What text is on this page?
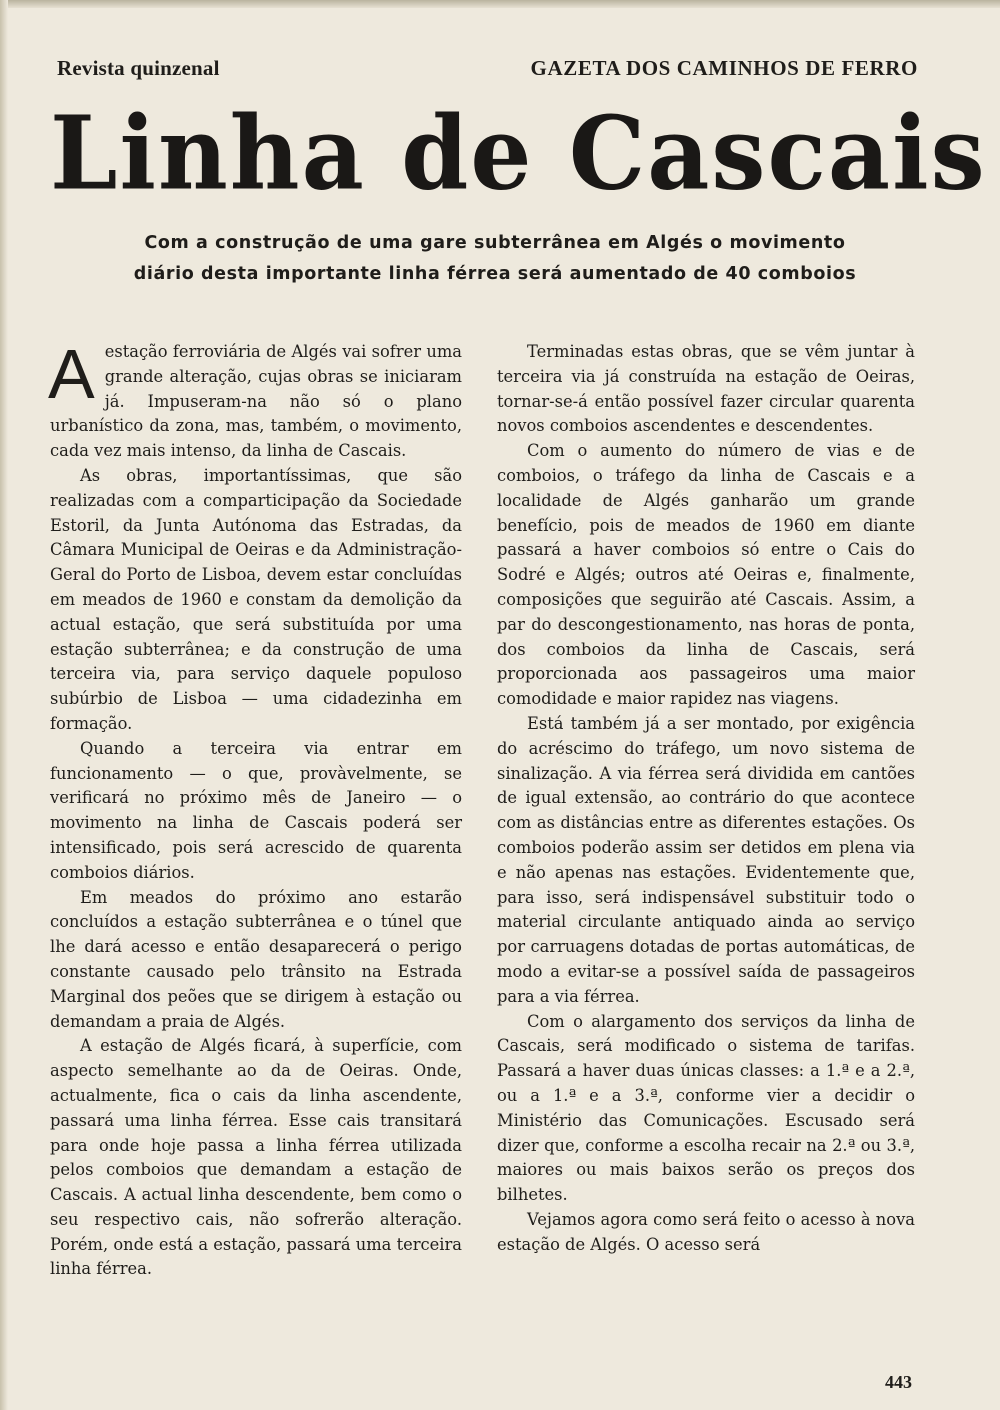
Revista quinzenal	GAZETA DOS CAMINHOS DE FERRO
Linha de Cascais
Com a construção de uma gare subterrânea em Algés o movimento
diário desta importante linha férrea será aumentado de 40 comboios

Aestação ferroviária de Algés vai sofrer uma grande alteração, cujas obras se iniciaram já. Impuseram-na não só o plano urbanístico da zona, mas, também, o movimento, cada vez mais intenso, da linha de Cascais.

As obras, importantíssimas, que são realizadas com a comparticipação da Sociedade Estoril, da Junta Autónoma das Estradas, da Câmara Municipal de Oeiras e da Administração-Geral do Porto de Lisboa, devem estar concluídas em meados de 1960 e constam da demolição da actual estação, que será substituída por uma estação subterrânea; e da construção de uma terceira via, para serviço daquele populoso subúrbio de Lisboa — uma cidadezinha em formação.

Quando a terceira via entrar em funcionamento — o que, provàvelmente, se verificará no próximo mês de Janeiro — o movimento na linha de Cascais poderá ser intensificado, pois será acrescido de quarenta comboios diários.

Em meados do próximo ano estarão concluídos a estação subterrânea e o túnel que lhe dará acesso e então desaparecerá o perigo constante causado pelo trânsito na Estrada Marginal dos peões que se dirigem à estação ou demandam a praia de Algés.

A estação de Algés ficará, à superfície, com aspecto semelhante ao da de Oeiras. Onde, actualmente, fica o cais da linha ascendente, passará uma linha férrea. Esse cais transitará para onde hoje passa a linha férrea utilizada pelos comboios que demandam a estação de Cascais. A actual linha descendente, bem como o seu respectivo cais, não sofrerão alteração. Porém, onde está a estação, passará uma terceira linha férrea.

Terminadas estas obras, que se vêm juntar à terceira via já construída na estação de Oeiras, tornar-se-á então possível fazer circular quarenta novos comboios ascendentes e descendentes.

Com o aumento do número de vias e de comboios, o tráfego da linha de Cascais e a localidade de Algés ganharão um grande benefício, pois de meados de 1960 em diante passará a haver comboios só entre o Cais do Sodré e Algés; outros até Oeiras e, finalmente, composições que seguirão até Cascais. Assim, a par do descongestionamento, nas horas de ponta, dos comboios da linha de Cascais, será proporcionada aos passageiros uma maior comodidade e maior rapidez nas viagens.

Está também já a ser montado, por exigência do acréscimo do tráfego, um novo sistema de sinalização. A via férrea será dividida em cantões de igual extensão, ao contrário do que acontece com as distâncias entre as diferentes estações. Os comboios poderão assim ser detidos em plena via e não apenas nas estações. Evidentemente que, para isso, será indispensável substituir todo o material circulante antiquado ainda ao serviço por carruagens dotadas de portas automáticas, de modo a evitar-se a possível saída de passageiros para a via férrea.

Com o alargamento dos serviços da linha de Cascais, será modificado o sistema de tarifas. Passará a haver duas únicas classes: a 1.ª e a 2.ª, ou a 1.ª e a 3.ª, conforme vier a decidir o Ministério das Comunicações. Escusado será dizer que, conforme a escolha recair na 2.ª ou 3.ª, maiores ou mais baixos serão os preços dos bilhetes.

Vejamos agora como será feito o acesso à nova estação de Algés. O acesso será

443
